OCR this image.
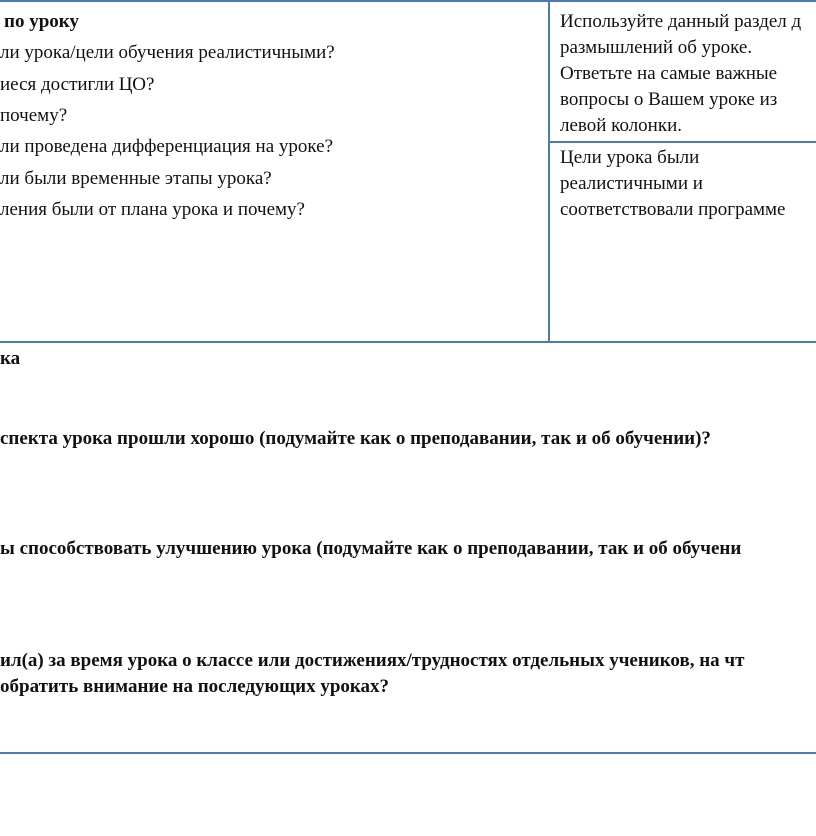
по уроку
ли урока/цели обучения реалистичными?
иеся достигли ЦО?
почему?
ли проведена дифференциация на уроке?
ли были временные этапы урока?
ления были от плана урока и почему?
Используйте данный раздел д
размышлений об уроке.
Ответьте на самые важные
вопросы о Вашем уроке из
левой колонки.
Цели урока были
реалистичными и
соответствовали программе
ка
спекта урока прошли хорошо (подумайте как о преподавании, так и об обучении)?
ы способствовать улучшению урока (подумайте как о преподавании, так и об обучени
ил(а) за время урока о классе или достижениях/трудностях отдельных учеников, на чт
обратить внимание на последующих уроках?
